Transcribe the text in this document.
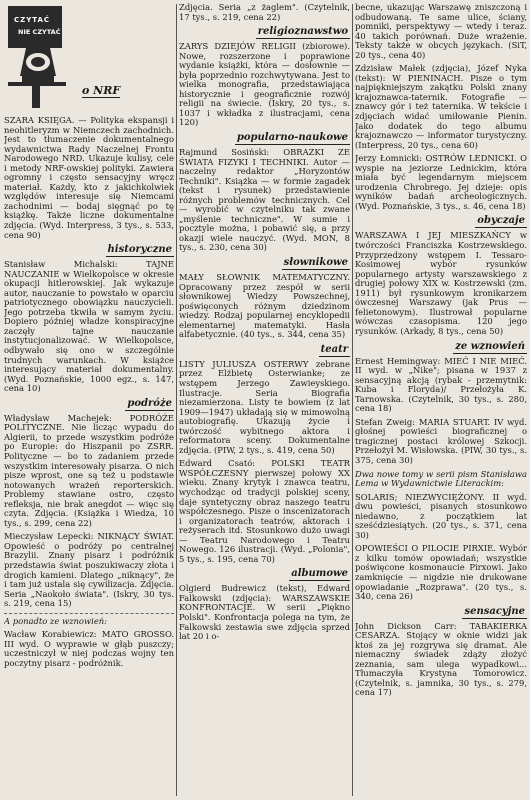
CZYTAĆ
NIE CZYTAĆ
o NRF

SZARA KSIĘGA. — Polityka ekspansji i neohitleryzm w Niemczech zachodnich. Jest to tłumaczenie dokumentalnego wydawnictwa Rady Naczelnej Frontu Narodowego NRD. Ukazuje kulisy, cele i metody NRF-owskiej polityki. Zawiera ogromny i często sensacyjny wręcz materiał. Każdy, kto z jakichkolwiek względów interesuje się Niemcami zachodnimi — bodaj sięgnąć po tę książkę. Także liczne dokumentalne zdjęcia. (Wyd. Interpress, 3 tys., s. 533, cena 90)

historyczne

Stanisław Michalski: TAJNE NAUCZANIE w Wielkopolsce w okresie okupacji hitlerowskiej. Jak wykazuje autor, nauczanie to powstało w oparciu patriotycznego obowiązku nauczycieli. Jego potrzeba tkwiła w samym życiu. Dopiero później władze konspiracyjne zaczęły tajne nauczanie instytucjonalizować. W Wielkopolsce, odbywało się ono w szczególnie trudnych warunkach. W książce interesujący materiał dokumentalny. (Wyd. Poznańskie, 1000 egz., s. 147, cena 10)

podróże

Władysław Machejek: PODRÓŻE POLITYCZNE. Nie licząc wypadu do Algierii, to przede wszystkim podróże po Europie: do Hiszpanii po ZSRR. Polityczne — bo to zadaniem przede wszystkim interesowały pisarza. O nich pisze wprost, one są też u podstawie notowanych wrażeń reporterskich. Problemy stawiane ostro, często refleksja, nie brak anegdot — więc się czyta. Zdjęcia. (Książka i Wiedza, 10 tys., s. 299, cena 22)

Mieczysław Lepecki: NIKNĄCY ŚWIAT. Opowieść o podróży po centralnej Brazylii. Znany pisarz i podróżnik przedstawia świat poszukiwaczy złota i drogich kamieni. Dlatego „niknący", że i tam już ustala się cywilizacja. Zdjęcia. Seria „Naokoło świata". (Iskry, 30 tys. s. 219, cena 15)

A ponadto ze wznowień:

Wacław Korabiewicz: MATO GROSSO. III wyd. O wyprawie w głąb puszczy; uczestniczył w niej podczas wojny ten poczytny pisarz - podróżnik.

Zdjęcia. Seria „z żaglem". (Czytelnik, 17 tys., s. 219, cena 22)

religioznawstwo

ZARYS DZIEJÓW RELIGII (zbiorowe). Nowe, rozszerzone i poprawione wydanie książki, która — dosłownie — była poprzednio rozchwytywana. Jest to wielka monografia, przedstawiająca historycznie i geograficznie rozwój religii na świecie. (Iskry, 20 tys., s. 1037 i wkładka z ilustracjami, cena 120)

popularno-naukowe

Rajmund Sosiński: OBRAZKI ZE ŚWIATA FIZYKI I TECHNIKI. Autor — naczelny redaktor „Horyzontów Techniki". Książka — w formie zagadek (tekst i rysunek) przedstawienie różnych problemów technicznych. Cel — wyrobić w czytelniku tak zwane „myślenie techniczne". W sumie i pocztyle można, i pobawić się, a przy okazji wiele nauczyć. (Wyd. MON, 8 tys., s. 230, cena 30)

słownikowe

MAŁY SŁOWNIK MATEMATYCZNY. Opracowany przez zespół w serii słownikowej Wiedzy Powszechnej, poświęconych różnym dziedzinom wiedzy. Rodzaj popularnej encyklopedii elementarnej matematyki. Hasła alfabetycznie. (40 tys., s. 344, cena 35)

teatr

LISTY JULIUSZA OSTERWY zebrane przez Elżbietę Osterwianke; ze wstępem Jerzego Zawieyskiego. Ilustracje. Seria Biografia niezamierzona. Listy te bowiem (z lat 1909—1947) układają się w mimowolną autobiografię. Ukazują życie i twórczość wybitnego aktora i reformatora sceny. Dokumentalne zdjęcia. (PIW, 2 tys., s. 419, cena 50)

Edward Csató: POLSKI TEATR WSPÓŁCZESNY pierwszej połowy XX wieku. Znany krytyk i znawca teatru, wychodząc od tradycji polskiej sceny, daje syntetyczny obraz naszego teatru współczesnego. Pisze o inscenizatorach i organizatorach teatrów, aktorach i reżyserach itd. Stosunkowo dużo uwagi — Teatru Narodowego i Teatru Nowego. 126 ilustracji. (Wyd. „Polonia", 5 tys., s. 195, cena 70)

albumowe

Olgierd Budrewicz (tekst), Edward Falkowski (zdjęcia): WARSZAWSKIE KONFRONTACJE. W serii „Piękno Polski". Konfrontacja polega na tym, że Falkowski zestawia swe zdjęcia sprzed lat 20 i o-

becne, ukazując Warszawę zniszczoną i odbudowaną. Te same ulice, ściany, pomniki, perspektywy — wtedy i teraz. 40 takich porównań. Duże wrażenie. Teksty także w obcych językach. (SiT, 20 tys., cena 40)

Zdzisław Małek (zdjęcia), Józef Nyka (tekst): W PIENINACH. Pisze o tym najpiękniejszym zakątku Polski znany krajoznawca-taternik. Fotografie — znawcy gór i też taternika. W tekście i zdjęciach widać umiłowanie Pienin. Jako dodatek do tego albumu krajoznawczo — informator turystyczny. (Interpress, 20 tys., cena 60)

Jerzy Łomnicki: OSTRÓW LEDNICKI. O wyspie na jeziorze Lednickim, która miała być legendarnym miejscem urodzenia Chrobrego. Jej dzieje: opis wyników badań archeologicznych. (Wyd. Poznańskie, 3 tys., s. 46, cena 18)

obyczaje

WARSZAWA I JEJ MIESZKAŃCY w twórczości Franciszka Kostrzewskiego. Przyprzedzony wstępem I. Tessaro-Kosimowej wybór rysunków popularnego artysty warszawskiego z drugiej połowy XIX w. Kostrzewski (zm. 1911) był rysunkowym kronikarzem ówczesnej Warszawy (jak Prus — felietonowym). Ilustrował popularne wówczas czasopisma. 120 jego rysunków. (Arkady, 8 tys., cena 50)

ze wznowień

Ernest Hemingway: MIEĆ I NIE MIEĆ. II wyd. w „Nike"; pisana w 1937 z sensacyjną akcją (rybak - przemytnik: Kuba i Floryda)/ Przełożyła K. Tarnowska. (Czytelnik, 30 tys., s. 280, cena 18)

Stefan Zweig: MARIA STUART. IV wyd. głośnej powieści biograficznej o tragicznej postaci królowej Szkocji. Przełożył M. Wisłowska. (PIW, 30 tys., s. 375, cena 30)

Dwa nowe tomy w serii pism Stanisława Lema w Wydawnictwie Literackim:

SOLARIS; NIEZWYCIĘŻONY. II wyd. dwu powieści, pisanych stosunkowo niedawno, z początkiem lat sześćdziesiątych. (20 tys., s. 371, cena 30)

OPOWIEŚCI O PILOCIE PIRXIE. Wybór z kilku tomów opowiadań; wszystkie poświęcone kosmonaucie Pirxowi. Jako zamknięcie — nigdzie nie drukowane opowiadanie „Rozprawa". (20 tys., s. 340, cena 26)

sensacyjne

John Dickson Carr: TABAKIERKA CESARZA. Stojący w oknie widzi jak ktoś za jej rozgrywa się dramat. Ale niemaczny świadek zdąży złożyć zeznania, sam ulega wypadkowi... Tłumaczyła Krystyna Tomorowicz. (Czytelnik, s. jamnika, 30 tys., s. 279, cena 17)
